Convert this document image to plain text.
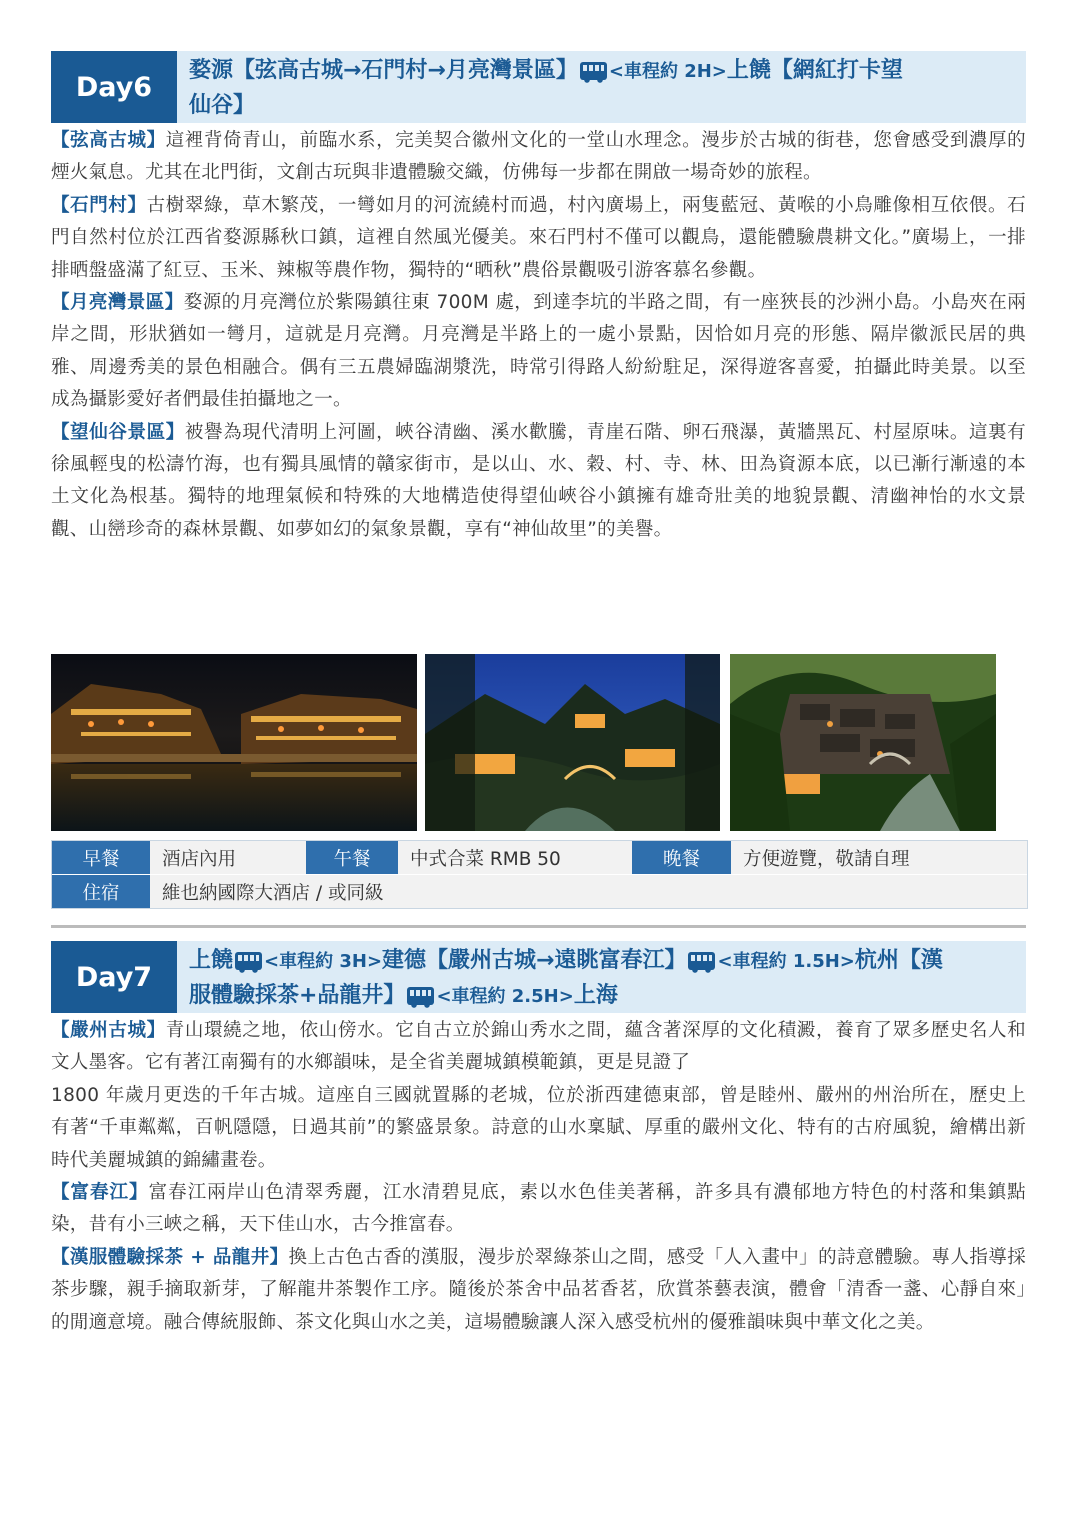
Day6
婺源【弦高古城→石門村→月亮灣景區】 <車程約 2H>上饒【網紅打卡望
仙谷】

【弦高古城】這裡背倚青山，前臨水系，完美契合徽州文化的一堂山水理念。漫步於古城的街巷，您會感受到濃厚的煙火氣息。尤其在北門街，文創古玩與非遺體驗交織，仿佛每一步都在開啟一場奇妙的旅程。

【石門村】古樹翠綠，草木繁茂，一彎如月的河流繞村而過，村內廣場上，兩隻藍冠、黃喉的小鳥雕像相互依偎。石門自然村位於江西省婺源縣秋口鎮，這裡自然風光優美。來石門村不僅可以觀鳥，還能體驗農耕文化。”廣場上，一排排晒盤盛滿了紅豆、玉米、辣椒等農作物，獨特的“晒秋”農俗景觀吸引游客慕名參觀。

【月亮灣景區】婺源的月亮灣位於紫陽鎮往東 700M 處，到達李坑的半路之間，有一座狹長的沙洲小島。小島夾在兩岸之間，形狀猶如一彎月，這就是月亮灣。月亮灣是半路上的一處小景點，因恰如月亮的形態、隔岸徽派民居的典雅、周邊秀美的景色相融合。偶有三五農婦臨湖漿洗，時常引得路人紛紛駐足，深得遊客喜愛，拍攝此時美景。以至成為攝影愛好者們最佳拍攝地之一。

【望仙谷景區】被譽為現代清明上河圖，峽谷清幽、溪水歡騰，青崖石階、卵石飛瀑，黃牆黑瓦、村屋原味。這裏有徐風輕曳的松濤竹海，也有獨具風情的贛家街市，是以山、水、穀、村、寺、林、田為資源本底，以已漸行漸遠的本土文化為根基。獨特的地理氣候和特殊的大地構造使得望仙峽谷小鎮擁有雄奇壯美的地貌景觀、清幽神怡的水文景觀、山巒珍奇的森林景觀、如夢如幻的氣象景觀，享有“神仙故里”的美譽。

早餐	酒店內用	午餐	中式合菜 RMB 50	晚餐	方便遊覽，敬請自理
住宿	維也納國際大酒店 / 或同級
Day7
上饒 <車程約 3H>建德【嚴州古城→遠眺富春江】 <車程約 1.5H>杭州【漢
服體驗採茶+品龍井】 <車程約 2.5H>上海

【嚴州古城】青山環繞之地，依山傍水。它自古立於錦山秀水之間，蘊含著深厚的文化積澱，養育了眾多歷史名人和文人墨客。它有著江南獨有的水鄉韻味，是全省美麗城鎮模範鎮，更是見證了

1800 年歲月更迭的千年古城。這座自三國就置縣的老城，位於浙西建德東部，曾是睦州、嚴州的州治所在，歷史上有著“千車粼粼，百帆隱隱，日過其前”的繁盛景象。詩意的山水稟賦、厚重的嚴州文化、特有的古府風貌，繪構出新時代美麗城鎮的錦繡畫卷。

【富春江】富春江兩岸山色清翠秀麗，江水清碧見底，素以水色佳美著稱，許多具有濃郁地方特色的村落和集鎮點染，昔有小三峽之稱，天下佳山水，古今推富春。

【漢服體驗採茶 + 品龍井】換上古色古香的漢服，漫步於翠綠茶山之間，感受「人入畫中」的詩意體驗。專人指導採茶步驟，親手摘取新芽，了解龍井茶製作工序。隨後於茶舍中品茗香茗，欣賞茶藝表演，體會「清香一盞、心靜自來」的閒適意境。融合傳統服飾、茶文化與山水之美，這場體驗讓人深入感受杭州的優雅韻味與中華文化之美。
